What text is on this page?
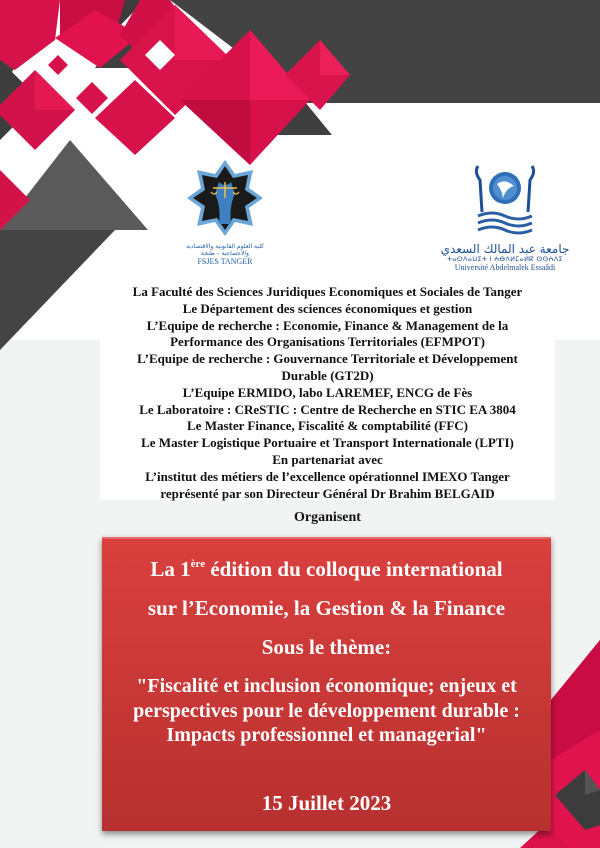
كلية العلوم القانونية والاقتصادية
والاجتماعية – طنجة
FSJES TANGER
جامعة عبد المالك السعدي
ⵜⴰⵙⴷⴰⵡⵉⵜ ⵏ ⵄⴱⴷⵍⵎⴰⵍⴽ ⵙⵙⵄⴷⵉ
Université Abdelmalek Essaâdi
La Faculté des Sciences Juridiques Economiques et Sociales de Tanger
Le Département des sciences économiques et gestion
L’Equipe de recherche : Economie, Finance & Management de la
Performance des Organisations Territoriales (EFMPOT)
L’Equipe de recherche : Gouvernance Territoriale et Développement
Durable (GT2D)
L’Equipe ERMIDO, labo LAREMEF, ENCG de Fès
Le Laboratoire : CReSTIC : Centre de Recherche en STIC EA 3804
Le Master Finance, Fiscalité & comptabilité (FFC)
Le Master Logistique Portuaire et Transport Internationale (LPTI)
En partenariat avec
L’institut des métiers de l’excellence opérationnel IMEXO Tanger
représenté par son Directeur Général Dr Brahim BELGAID
Organisent
La 1ère édition du colloque international
sur l’Economie, la Gestion & la Finance
Sous le thème:
"Fiscalité et inclusion économique; enjeux et perspectives pour le développement durable : Impacts professionnel et managerial"
15 Juillet 2023
